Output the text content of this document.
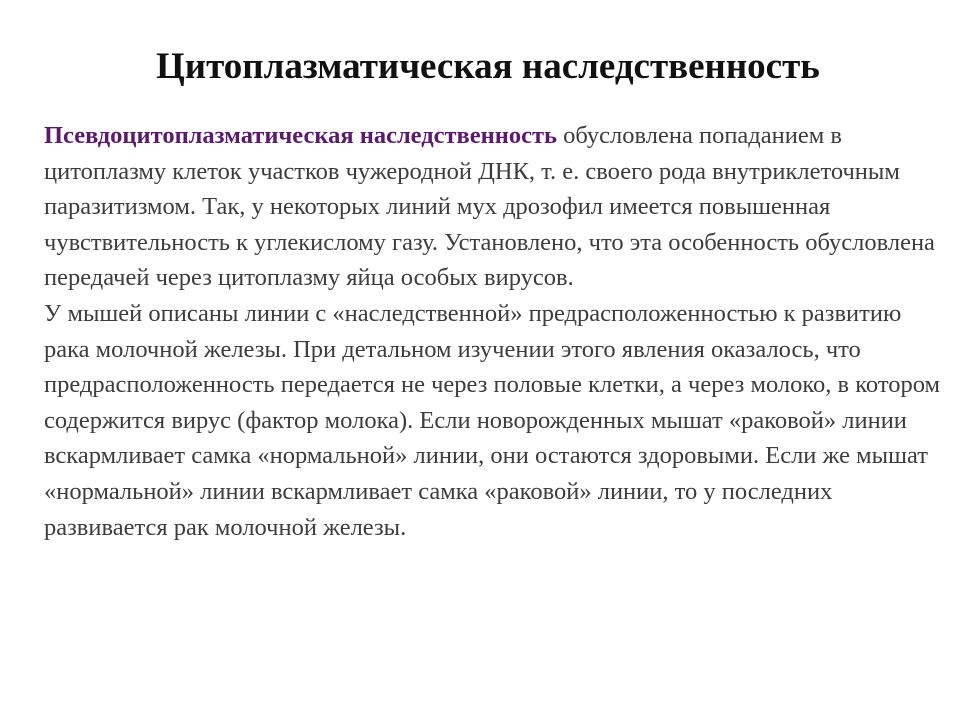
Цитоплазматическая наследственность

Псевдоцитоплазматическая наследственность обусловлена попаданием в цитоплазму клеток участков чужеродной ДНК, т. е. своего рода внутриклеточным паразитизмом. Так, у некоторых линий мух дрозофил имеется повышенная чувствительность к углекислому газу. Установлено, что эта особенность обусловлена передачей через цитоплазму яйца особых вирусов.

У мышей описаны линии с «наследственной» предрасположенностью к развитию рака молочной железы. При детальном изучении этого явления оказалось, что предрасположенность передается не через половые клетки, а через молоко, в котором содержится вирус (фактор молока). Если новорожденных мышат «раковой» линии вскармливает самка «нормальной» линии, они остаются здоровыми. Если же мышат «нормальной» линии вскармливает самка «раковой» линии, то у последних развивается рак молочной железы.
